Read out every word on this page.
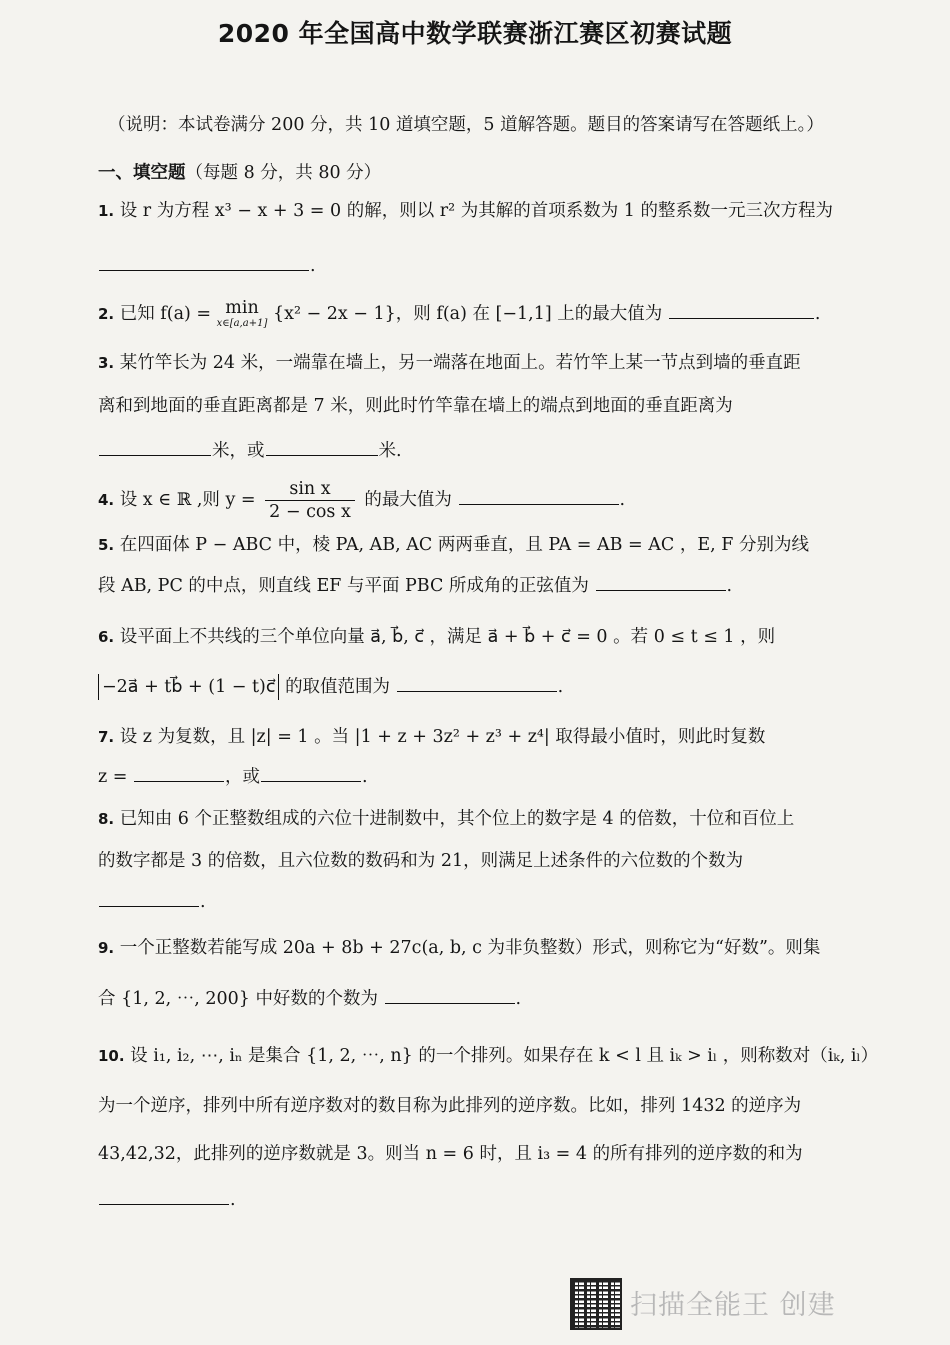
2020 年全国高中数学联赛浙江赛区初赛试题
（说明：本试卷满分 200 分，共 10 道填空题，5 道解答题。题目的答案请写在答题纸上。）
一、填空题（每题 8 分，共 80 分）
1. 设 r 为方程 x³ − x + 3 = 0 的解，则以 r² 为其解的首项系数为 1 的整系数一元三次方程为
.
2. 已知 f(a) = min
x∈[a,a+1] {x² − 2x − 1}，则 f(a) 在 [−1,1] 上的最大值为	.
3. 某竹竿长为 24 米，一端靠在墙上，另一端落在地面上。若竹竿上某一节点到墙的垂直距
离和到地面的垂直距离都是 7 米，则此时竹竿靠在墙上的端点到地面的垂直距离为
米，或	米.
4. 设 x ∈ ℝ ,则 $y = \frac{\text{sin x}}{\text{2 − cos x}}$ 的最大值为	.
5. 在四面体 P − ABC 中，棱 PA, AB, AC 两两垂直，且 PA = AB = AC ，E, F 分别为线
段 AB, PC 的中点，则直线 EF 与平面 PBC 所成角的正弦值为	.
6. 设平面上不共线的三个单位向量 a⃗, b⃗, c⃗ ，满足 a⃗ + b⃗ + c⃗ = 0 。若 0 ≤ t ≤ 1 ，则
−2a⃗ + tb⃗ + (1 − t)c⃗ 的取值范围为	.
7. 设 z 为复数，且 |z| = 1 。当 |1 + z + 3z² + z³ + z⁴| 取得最小值时，则此时复数
z =	，或	.
8. 已知由 6 个正整数组成的六位十进制数中，其个位上的数字是 4 的倍数，十位和百位上
的数字都是 3 的倍数，且六位数的数码和为 21，则满足上述条件的六位数的个数为
.
9. 一个正整数若能写成 20a + 8b + 27c(a, b, c 为非负整数）形式，则称它为“好数”。则集
合 {1, 2, ⋯, 200} 中好数的个数为	.
10. 设 i₁, i₂, ⋯, iₙ 是集合 {1, 2, ⋯, n} 的一个排列。如果存在 k < l 且 iₖ > iₗ ，则称数对（iₖ, iₗ）
为一个逆序，排列中所有逆序数对的数目称为此排列的逆序数。比如，排列 1432 的逆序为
43,42,32，此排列的逆序数就是 3。则当 n = 6 时，且 i₃ = 4 的所有排列的逆序数的和为
.
扫描全能王 创建
